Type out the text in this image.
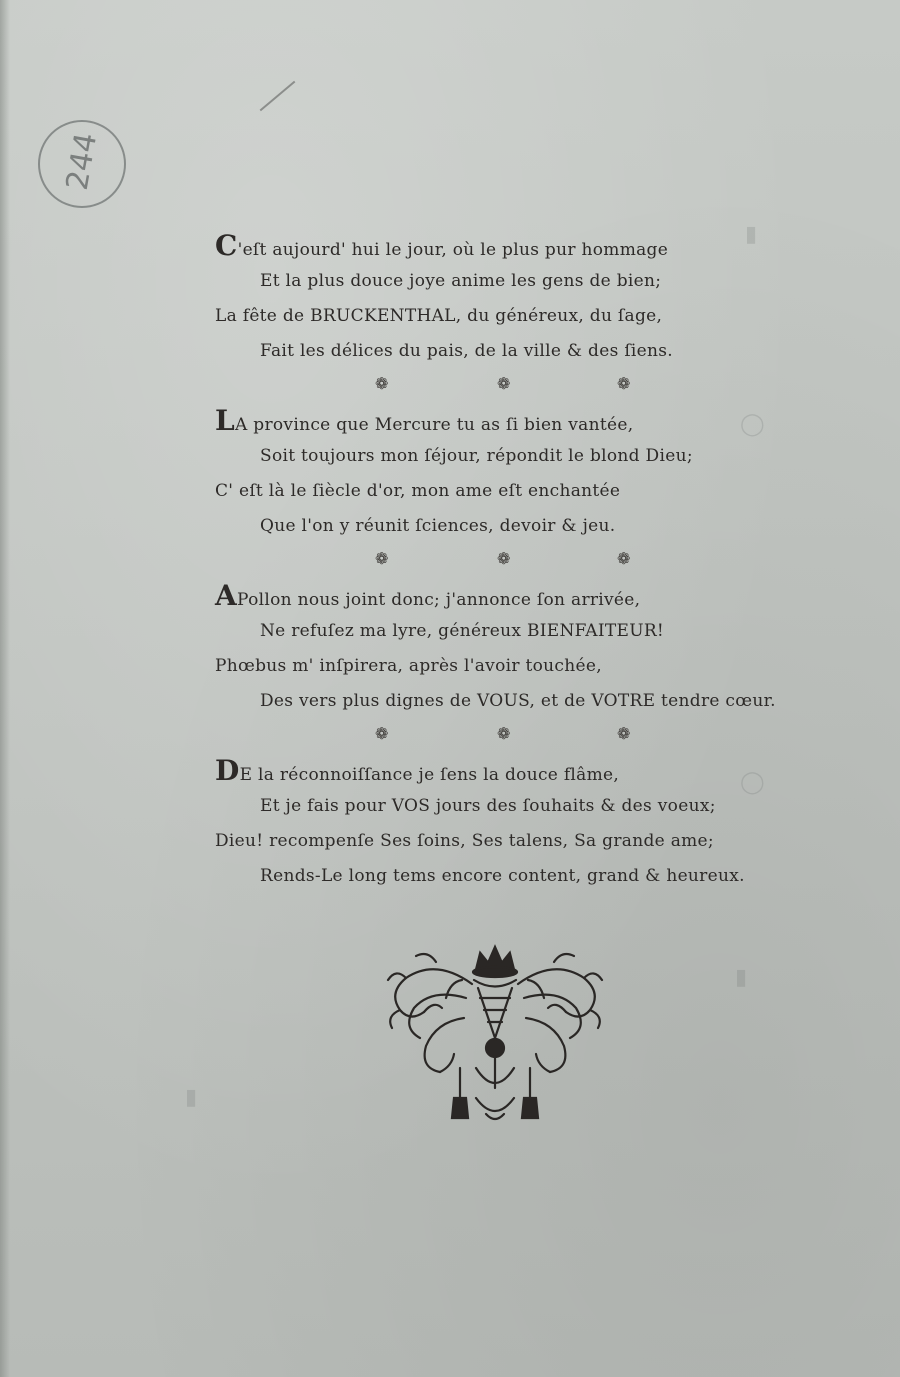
▮
◯
◯
▮
▮
244
C'eſt aujourd' hui le jour, où le plus pur hommage
Et la plus douce joye anime les gens de bien;
La fête de BRUCKENTHAL, du généreux, du ſage,
Fait les délices du pais, de la ville & des ſiens.
❁	❁	❁
LA province que Mercure tu as ſi bien vantée,
Soit toujours mon ſéjour, répondit le blond Dieu;
C' eſt là le ſiècle d'or, mon ame eſt enchantée
Que l'on y réunit ſciences, devoir & jeu.
❁	❁	❁
APollon nous joint donc; j'annonce ſon arrivée,
Ne refuſez ma lyre, généreux BIENFAITEUR!
Phœbus m' inſpirera, après l'avoir touchée,
Des vers plus dignes de VOUS, et de VOTRE tendre cœur.
❁	❁	❁
DE la réconnoiſſance je ſens la douce flâme,
Et je fais pour VOS jours des ſouhaits & des voeux;
Dieu! recompenſe Ses ſoins, Ses talens, Sa grande ame;
Rends-Le long tems encore content, grand & heureux.
